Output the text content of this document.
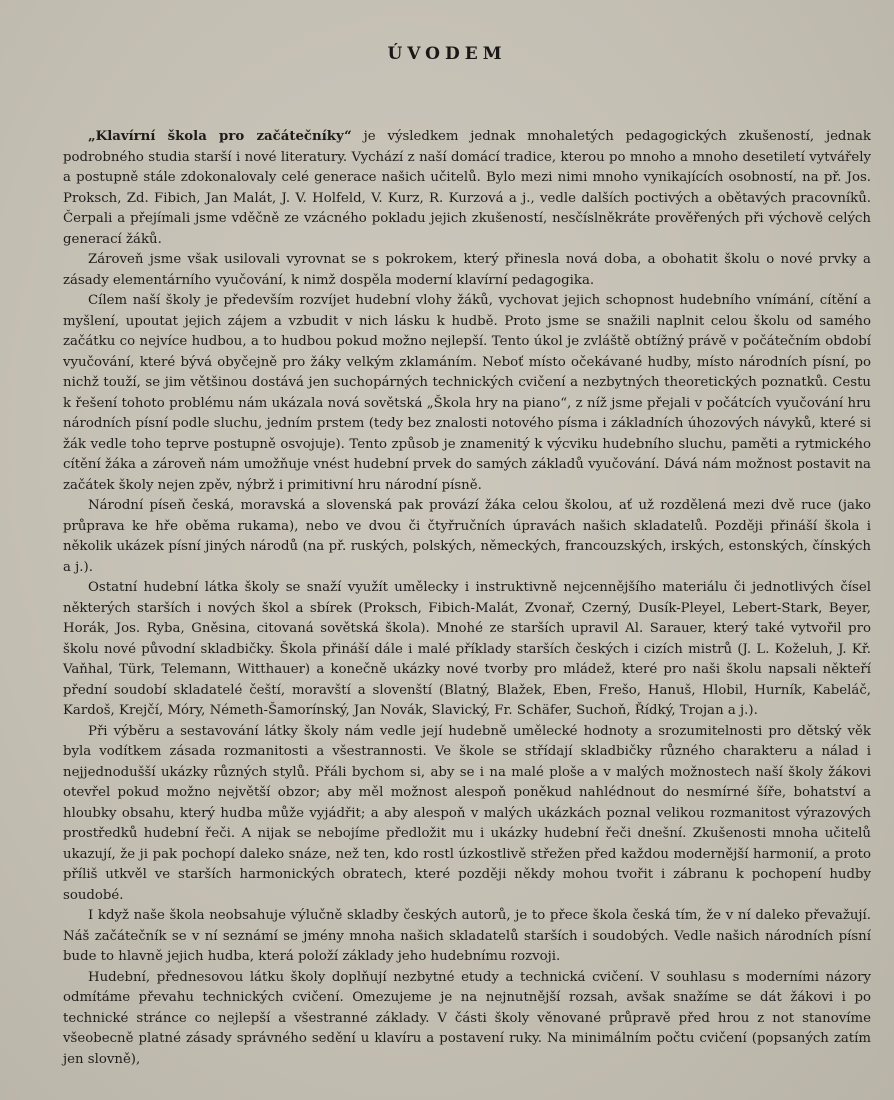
ÚVODEM

„Klavírní škola pro začátečníky“ je výsledkem jednak mnohaletých pedagogických zkušeností, jednak podrobného studia starší i nové literatury. Vychází z naší domácí tradice, kterou po mnoho a mnoho desetiletí vytvářely a postupně stále zdokonalovaly celé generace našich učitelů. Bylo mezi nimi mnoho vynikajících osobností, na př. Jos. Proksch, Zd. Fibich, Jan Malát, J. V. Holfeld, V. Kurz, R. Kurzová a j., vedle dalších poctivých a obětavých pracovníků. Čerpali a přejímali jsme vděčně ze vzácného pokladu jejich zkušeností, nesčíslněkráte prověřených při výchově celých generací žáků.

Zároveň jsme však usilovali vyrovnat se s pokrokem, který přinesla nová doba, a obohatit školu o nové prvky a zásady elementárního vyučování, k nimž dospěla moderní klavírní pedagogika.

Cílem naší školy je především rozvíjet hudební vlohy žáků, vychovat jejich schopnost hudebního vnímání, cítění a myšlení, upoutat jejich zájem a vzbudit v nich lásku k hudbě. Proto jsme se snažili naplnit celou školu od samého začátku co nejvíce hudbou, a to hudbou pokud možno nejlepší. Tento úkol je zvláště obtížný právě v počátečním období vyučování, které bývá obyčejně pro žáky velkým zklamáním. Neboť místo očekávané hudby, místo národních písní, po nichž touží, se jim většinou dostává jen suchopárných technických cvičení a nezbytných theoretických poznatků. Cestu k řešení tohoto problému nám ukázala nová sovětská „Škola hry na piano“, z níž jsme přejali v počátcích vyučování hru národních písní podle sluchu, jedním prstem (tedy bez znalosti notového písma i základních úhozových návyků, které si žák vedle toho teprve postupně osvojuje). Tento způsob je znamenitý k výcviku hudebního sluchu, paměti a rytmického cítění žáka a zároveň nám umožňuje vnést hudební prvek do samých základů vyučování. Dává nám možnost postavit na začátek školy nejen zpěv, nýbrž i primitivní hru národní písně.

Národní píseň česká, moravská a slovenská pak provází žáka celou školou, ať už rozdělená mezi dvě ruce (jako průprava ke hře oběma rukama), nebo ve dvou či čtyřručních úpravách našich skladatelů. Později přináší škola i několik ukázek písní jiných národů (na př. ruských, polských, německých, francouzských, irských, estonských, čínských a j.).

Ostatní hudební látka školy se snaží využít umělecky i instruktivně nejcennějšího materiálu či jednotlivých čísel některých starších i nových škol a sbírek (Proksch, Fibich-Malát, Zvonař, Czerný, Dusík-Pleyel, Lebert-Stark, Beyer, Horák, Jos. Ryba, Gněsina, citovaná sovětská škola). Mnohé ze starších upravil Al. Sarauer, který také vytvořil pro školu nové původní skladbičky. Škola přináší dále i malé příklady starších českých i cizích mistrů (J. L. Koželuh, J. Kř. Vaňhal, Türk, Telemann, Witthauer) a konečně ukázky nové tvorby pro mládež, které pro naši školu napsali někteří přední soudobí skladatelé čeští, moravští a slovenští (Blatný, Blažek, Eben, Frešo, Hanuš, Hlobil, Hurník, Kabeláč, Kardoš, Krejčí, Móry, Németh-Šamorínský, Jan Novák, Slavický, Fr. Schäfer, Suchoň, Řídký, Trojan a j.).

Při výběru a sestavování látky školy nám vedle její hudebně umělecké hodnoty a srozumitelnosti pro dětský věk byla vodítkem zásada rozmanitosti a všestrannosti. Ve škole se střídají skladbičky různého charakteru a nálad i nejjednodušší ukázky různých stylů. Přáli bychom si, aby se i na malé ploše a v malých možnostech naší školy žákovi otevřel pokud možno největší obzor; aby měl možnost alespoň poněkud nahlédnout do nesmírné šíře, bohatství a hloubky obsahu, který hudba může vyjádřit; a aby alespoň v malých ukázkách poznal velikou rozmanitost výrazových prostředků hudební řeči. A nijak se nebojíme předložit mu i ukázky hudební řeči dnešní. Zkušenosti mnoha učitelů ukazují, že ji pak pochopí daleko snáze, než ten, kdo rostl úzkostlivě střežen před každou modernější harmonií, a proto příliš utkvěl ve starších harmonických obratech, které později někdy mohou tvořit i zábranu k pochopení hudby soudobé.

I když naše škola neobsahuje výlučně skladby českých autorů, je to přece škola česká tím, že v ní daleko převažují. Náš začátečník se v ní seznámí se jmény mnoha našich skladatelů starších i soudobých. Vedle našich národních písní bude to hlavně jejich hudba, která položí základy jeho hudebnímu rozvoji.

Hudební, přednesovou látku školy doplňují nezbytné etudy a technická cvičení. V souhlasu s moderními názory odmítáme převahu technických cvičení. Omezujeme je na nejnutnější rozsah, avšak snažíme se dát žákovi i po technické stránce co nejlepší a všestranné základy. V části školy věnované průpravě před hrou z not stanovíme všeobecně platné zásady správného sedění u klavíru a postavení ruky. Na minimálním počtu cvičení (popsaných zatím jen slovně),
